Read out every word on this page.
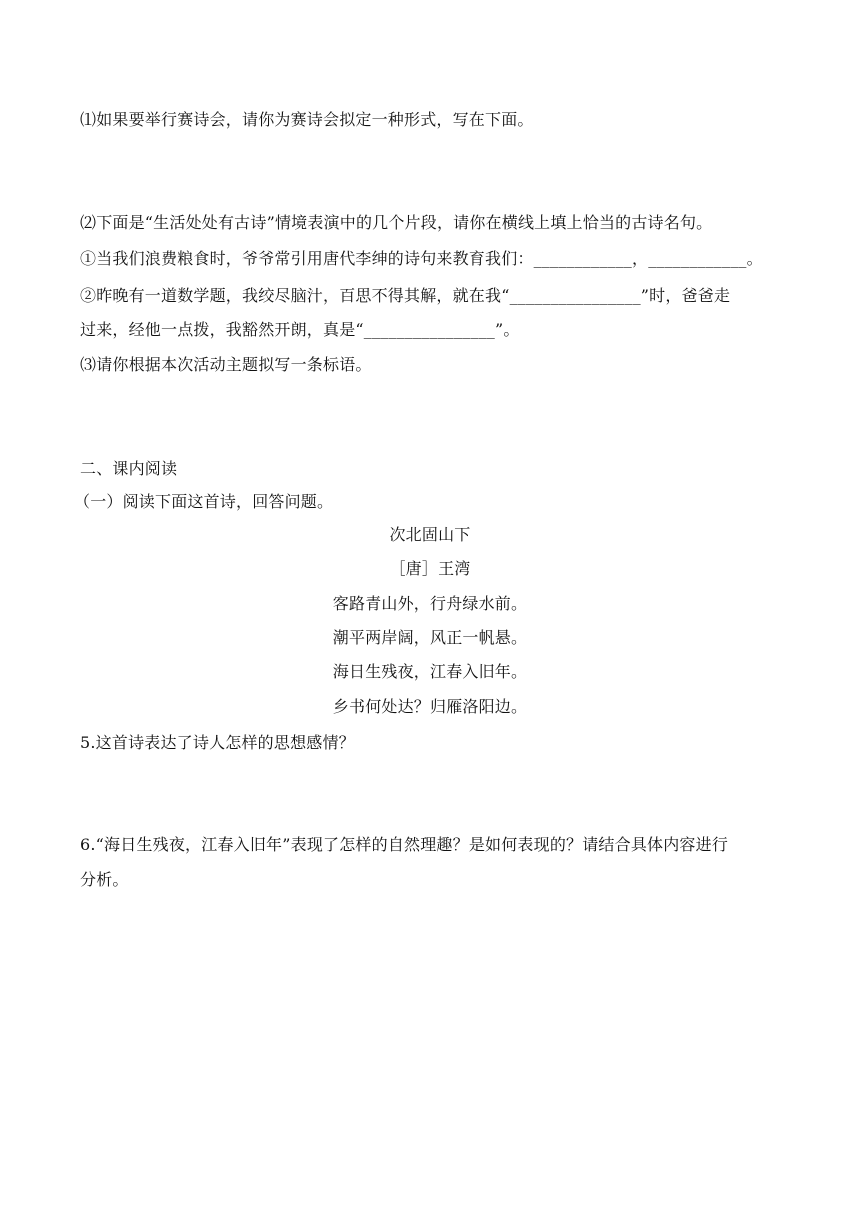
⑴如果要举行赛诗会，请你为赛诗会拟定一种形式，写在下面。
⑵下面是“生活处处有古诗”情境表演中的几个片段，请你在横线上填上恰当的古诗名句。
①当我们浪费粮食时，爷爷常引用唐代李绅的诗句来教育我们：____________，____________。
②昨晚有一道数学题，我绞尽脑汁，百思不得其解，就在我“________________”时，爸爸走
过来，经他一点拨，我豁然开朗，真是“________________”。
⑶请你根据本次活动主题拟写一条标语。
二、课内阅读
（一）阅读下面这首诗，回答问题。
次北固山下
［唐］王湾
客路青山外，行舟绿水前。
潮平两岸阔，风正一帆悬。
海日生残夜，江春入旧年。
乡书何处达？归雁洛阳边。
5.这首诗表达了诗人怎样的思想感情？
6.“海日生残夜，江春入旧年”表现了怎样的自然理趣？是如何表现的？请结合具体内容进行
分析。
